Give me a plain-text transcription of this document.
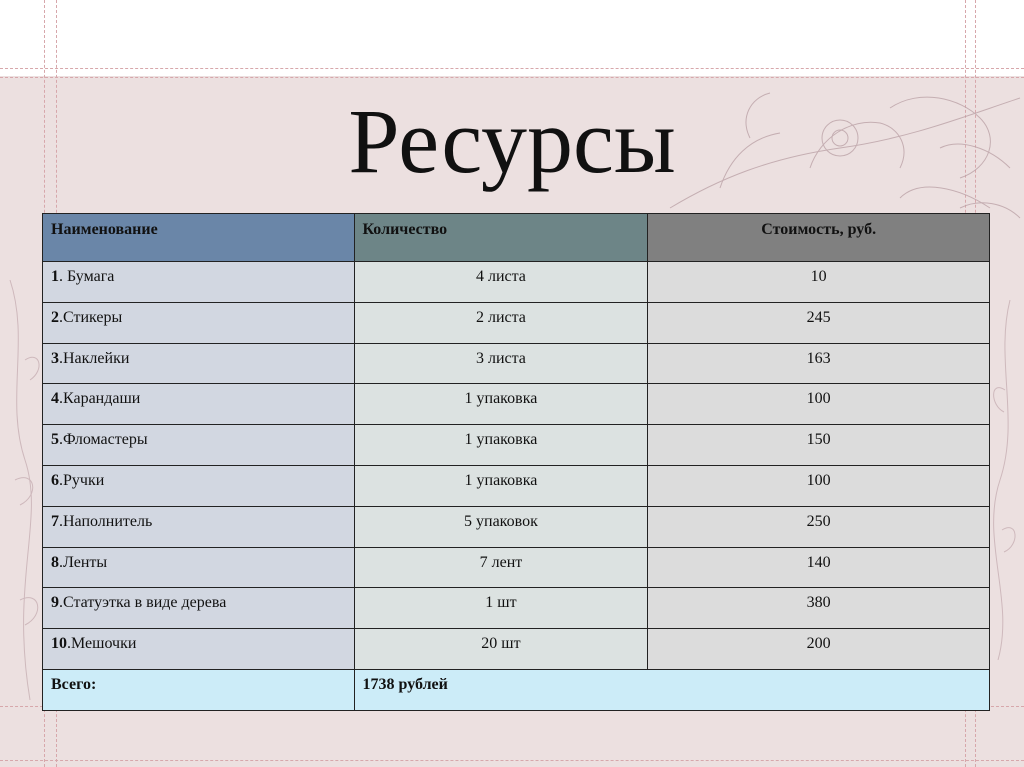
Ресурсы
Наименование	Количество	Стоимость, руб.
1. Бумага	4 листа	10
2.Стикеры	2 листа	245
3.Наклейки	3 листа	163
4.Карандаши	1 упаковка	100
5.Фломастеры	1 упаковка	150
6.Ручки	1 упаковка	100
7.Наполнитель	5 упаковок	250
8.Ленты	7 лент	140
9.Статуэтка в виде дерева	1 шт	380
10.Мешочки	20 шт	200
Всего:	1738 рублей	
